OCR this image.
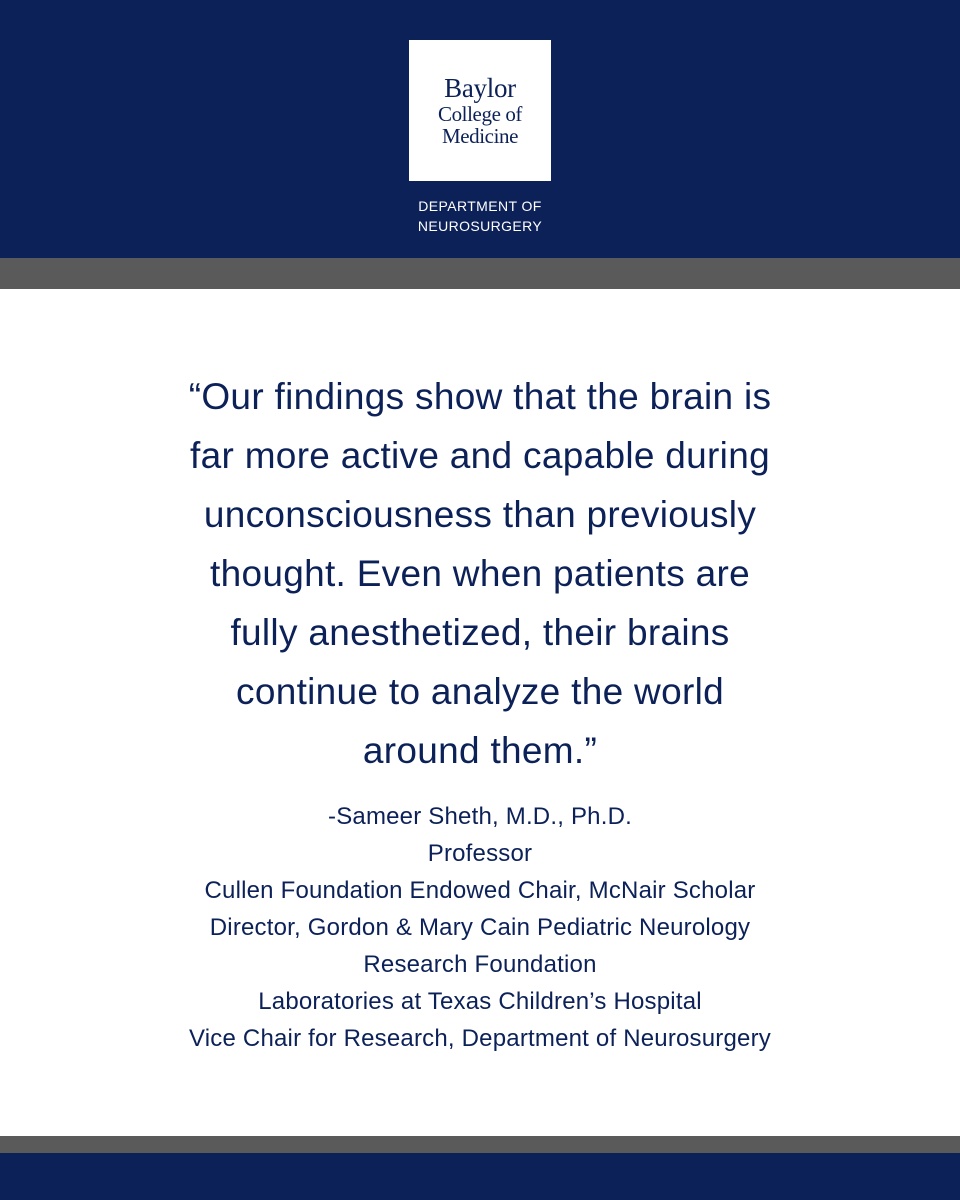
Baylor
College of
Medicine
DEPARTMENT OF
NEUROSURGERY
“Our findings show that the brain is
far more active and capable during
unconsciousness than previously
thought. Even when patients are
fully anesthetized, their brains
continue to analyze the world
around them.”
-Sameer Sheth, M.D., Ph.D.
Professor
Cullen Foundation Endowed Chair, McNair Scholar
Director, Gordon & Mary Cain Pediatric Neurology
Research Foundation
Laboratories at Texas Children’s Hospital
Vice Chair for Research, Department of Neurosurgery
